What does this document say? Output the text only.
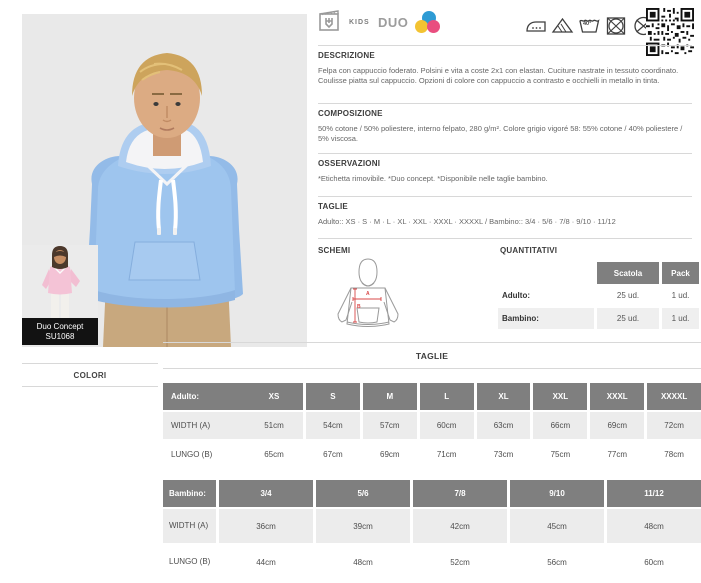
Duo Concept
SU1068
COLORI
KIDS DUO	40°
DESCRIZIONE
Felpa con cappuccio foderato. Polsini e vita a coste 2x1 con elastan. Cuciture nastrate in tessuto coordinato. Coulisse piatta sul cappuccio. Opzioni di colore con cappuccio a contrasto e occhielli in metallo in tinta.
COMPOSIZIONE
50% cotone / 50% poliestere, interno felpato, 280 g/m². Colore grigio vigoré 58: 55% cotone / 40% poliestere / 5% viscosa.
OSSERVAZIONI
*Etichetta rimovibile. *Duo concept. *Disponibile nelle taglie bambino.
TAGLIE
Adulto:: XS · S · M · L · XL · XXL · XXXL · XXXXL / Bambino:: 3/4 · 5/6 · 7/8 · 9/10 · 11/12
SCHEMI	QUANTITATIVI
A
B
Scatola	Pack
Adulto:	25 ud.	1 ud.
Bambino:	25 ud.	1 ud.
TAGLIE
Adulto:	XS	S	M	L	XL	XXL	XXXL	XXXXL
WIDTH (A)	51cm	54cm	57cm	60cm	63cm	66cm	69cm	72cm
LUNGO (B)	65cm	67cm	69cm	71cm	73cm	75cm	77cm	78cm
Bambino:	3/4	5/6	7/8	9/10	11/12
WIDTH (A)	36cm	39cm	42cm	45cm	48cm
LUNGO (B)	44cm	48cm	52cm	56cm	60cm
